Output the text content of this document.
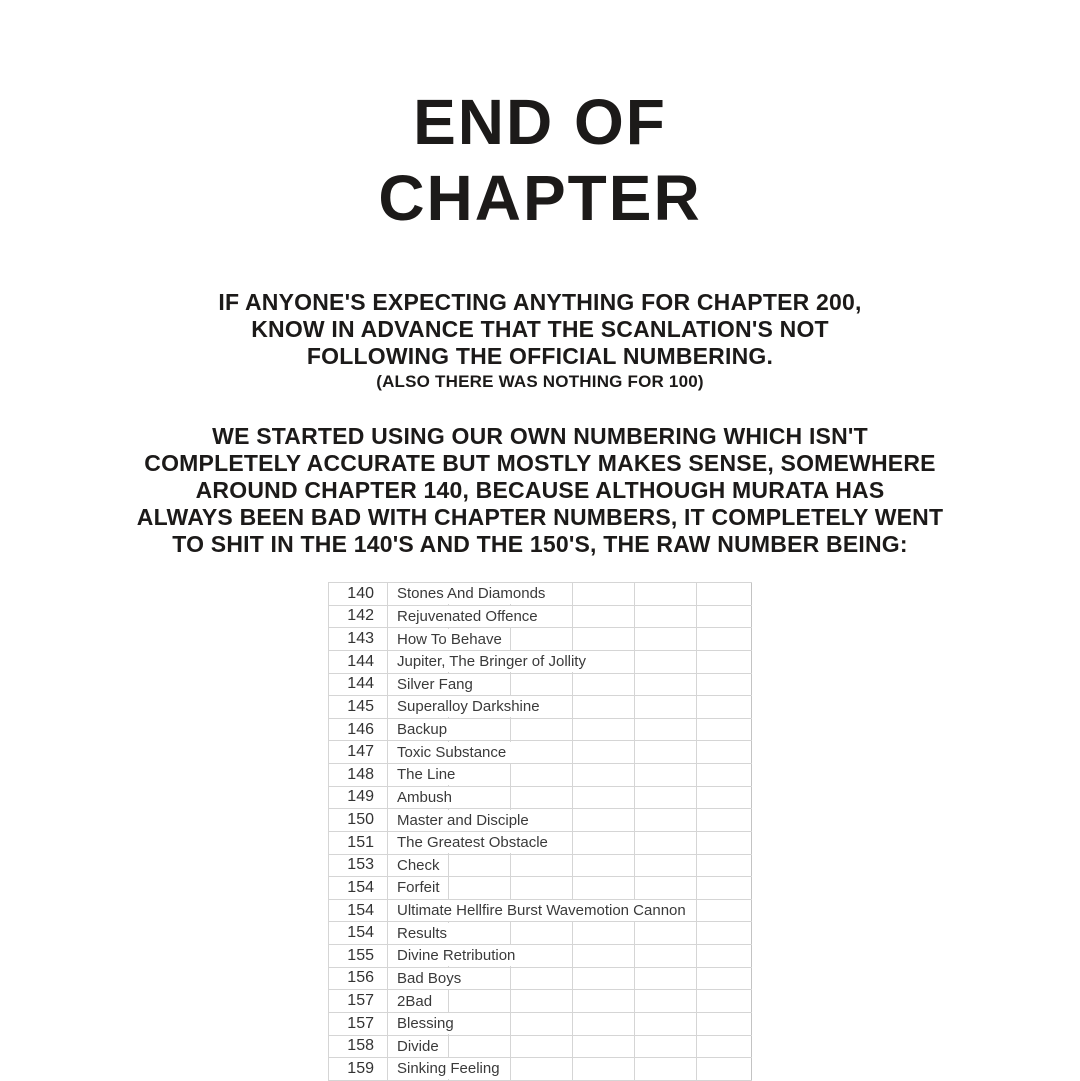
END OF
CHAPTER
IF ANYONE'S EXPECTING ANYTHING FOR CHAPTER 200,
KNOW IN ADVANCE THAT THE SCANLATION'S NOT
FOLLOWING THE OFFICIAL NUMBERING.
(ALSO THERE WAS NOTHING FOR 100)
WE STARTED USING OUR OWN NUMBERING WHICH ISN'T
COMPLETELY ACCURATE BUT MOSTLY MAKES SENSE, SOMEWHERE
AROUND CHAPTER 140, BECAUSE ALTHOUGH MURATA HAS
ALWAYS BEEN BAD WITH CHAPTER NUMBERS, IT COMPLETELY WENT
TO SHIT IN THE 140'S AND THE 150'S, THE RAW NUMBER BEING:
140	Stones And Diamonds
142	Rejuvenated Offence
143	How To Behave
144	Jupiter, The Bringer of Jollity
144	Silver Fang
145	Superalloy Darkshine
146	Backup
147	Toxic Substance
148	The Line
149	Ambush
150	Master and Disciple
151	The Greatest Obstacle
153	Check
154	Forfeit
154	Ultimate Hellfire Burst Wavemotion Cannon
154	Results
155	Divine Retribution
156	Bad Boys
157	2Bad
157	Blessing
158	Divide
159	Sinking Feeling
